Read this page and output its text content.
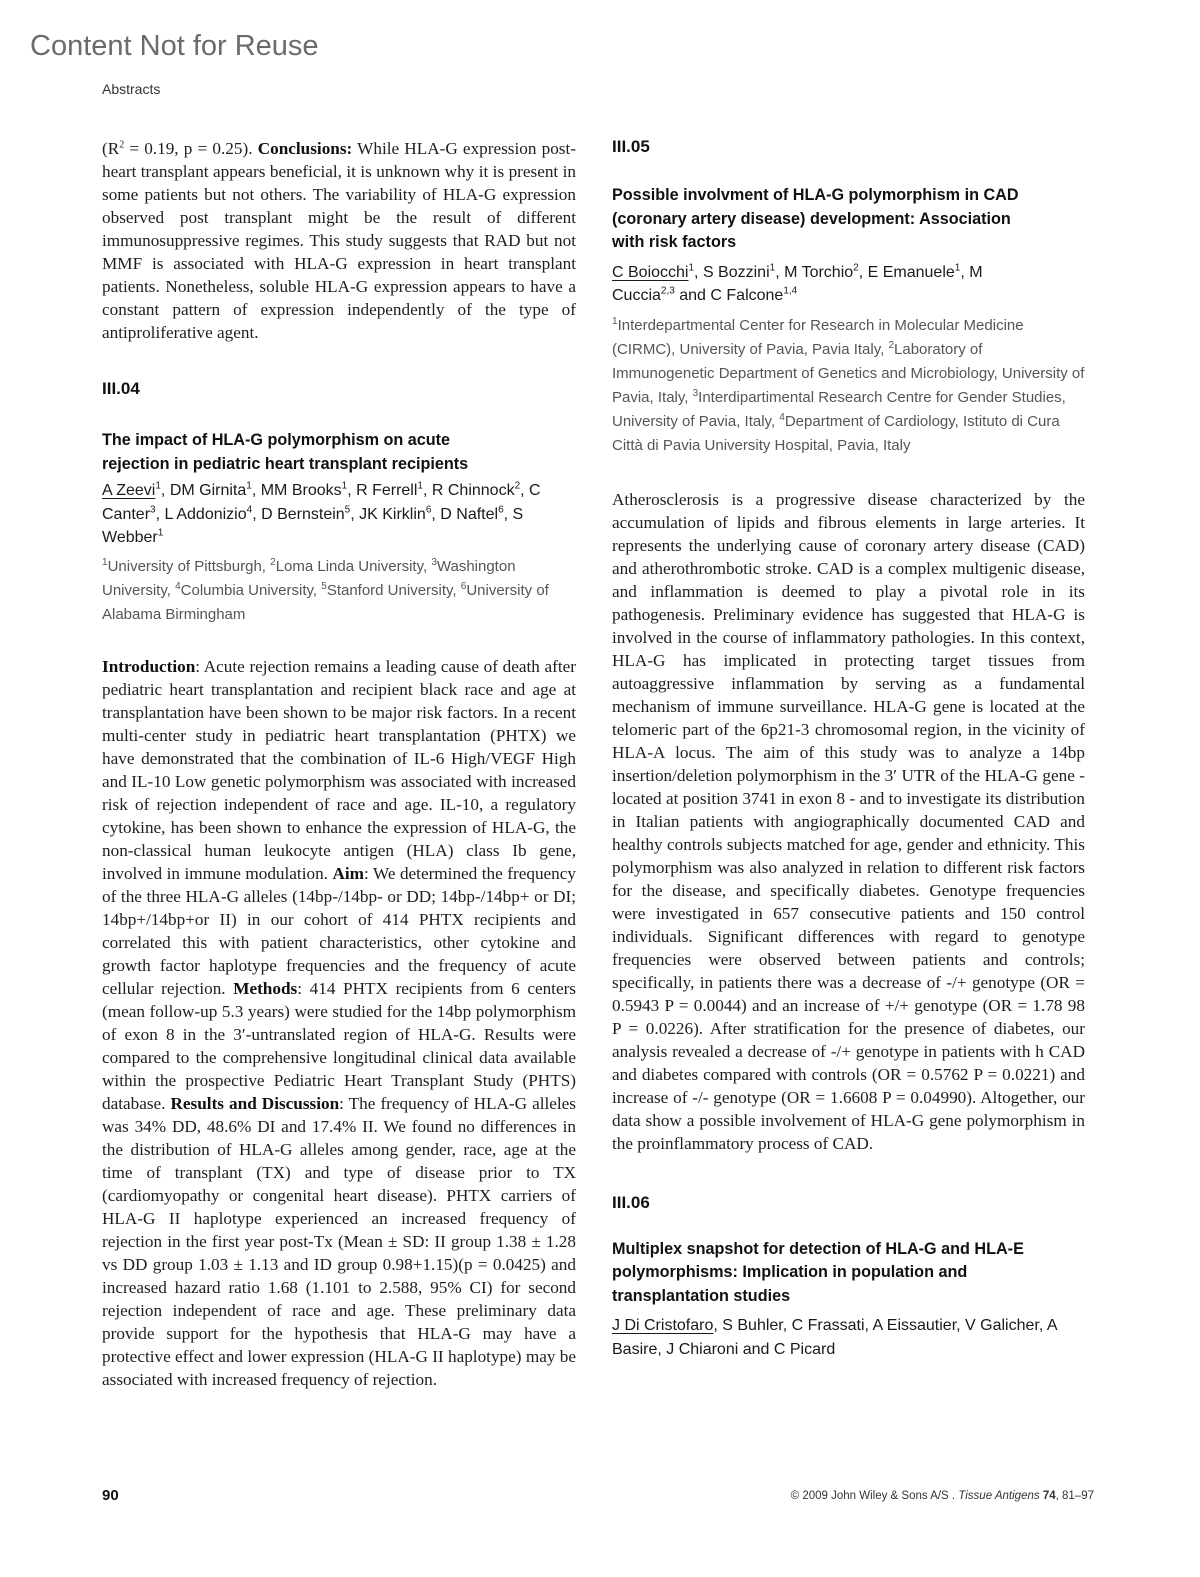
Content Not for Reuse
Abstracts

($R^2 = 0.19$, p = 0.25). Conclusions: While HLA-G expression post-heart transplant appears beneficial, it is unknown why it is present in some patients but not others. The variability of HLA-G expression observed post transplant might be the result of different immunosuppressive regimes. This study suggests that RAD but not MMF is associated with HLA-G expression in heart transplant patients. Nonetheless, soluble HLA-G expression appears to have a constant pattern of expression independently of the type of antiproliferative agent.

III.04

The impact of HLA-G polymorphism on acute rejection in pediatric heart transplant recipients

A Zeevi$^1$, DM Girnita$^1$, MM Brooks$^1$, R Ferrell$^1$, R Chinnock$^2$, C Canter$^3$, L Addonizio$^4$, D Bernstein$^5$, JK Kirklin$^6$, D Naftel$^6$, S Webber$^1$

$^1$University of Pittsburgh, $^2$Loma Linda University, $^3$Washington University, $^4$Columbia University, $^5$Stanford University, $^6$University of Alabama Birmingham

Introduction: Acute rejection remains a leading cause of death after pediatric heart transplantation and recipient black race and age at transplantation have been shown to be major risk factors. In a recent multi-center study in pediatric heart transplantation (PHTX) we have demonstrated that the combination of IL-6 High/VEGF High and IL-10 Low genetic polymorphism was associated with increased risk of rejection independent of race and age. IL-10, a regulatory cytokine, has been shown to enhance the expression of HLA-G, the non-classical human leukocyte antigen (HLA) class Ib gene, involved in immune modulation. Aim: We determined the frequency of the three HLA-G alleles (14bp-/14bp- or DD; 14bp-/14bp+ or DI; 14bp+/14bp+or II) in our cohort of 414 PHTX recipients and correlated this with patient characteristics, other cytokine and growth factor haplotype frequencies and the frequency of acute cellular rejection. Methods: 414 PHTX recipients from 6 centers (mean follow-up 5.3 years) were studied for the 14bp polymorphism of exon 8 in the 3′-untranslated region of HLA-G. Results were compared to the comprehensive longitudinal clinical data available within the prospective Pediatric Heart Transplant Study (PHTS) database. Results and Discussion: The frequency of HLA-G alleles was 34% DD, 48.6% DI and 17.4% II. We found no differences in the distribution of HLA-G alleles among gender, race, age at the time of transplant (TX) and type of disease prior to TX (cardiomyopathy or congenital heart disease). PHTX carriers of HLA-G II haplotype experienced an increased frequency of rejection in the first year post-Tx (Mean ± SD: II group 1.38 ± 1.28 vs DD group 1.03 ± 1.13 and ID group 0.98+1.15)(p = 0.0425) and increased hazard ratio 1.68 (1.101 to 2.588, 95% CI) for second rejection independent of race and age. These preliminary data provide support for the hypothesis that HLA-G may have a protective effect and lower expression (HLA-G II haplotype) may be associated with increased frequency of rejection.

III.05

Possible involvment of HLA-G polymorphism in CAD (coronary artery disease) development: Association with risk factors

C Boiocchi$^1$, S Bozzini$^1$, M Torchio$^2$, E Emanuele$^1$, M Cuccia$^{2,3}$ and C Falcone$^{1,4}$

$^1$Interdepartmental Center for Research in Molecular Medicine (CIRMC), University of Pavia, Pavia Italy, $^2$Laboratory of Immunogenetic Department of Genetics and Microbiology, University of Pavia, Italy, $^3$Interdipartimental Research Centre for Gender Studies, University of Pavia, Italy, $^4$Department of Cardiology, Istituto di Cura Città di Pavia University Hospital, Pavia, Italy

Atherosclerosis is a progressive disease characterized by the accumulation of lipids and fibrous elements in large arteries. It represents the underlying cause of coronary artery disease (CAD) and atherothrombotic stroke. CAD is a complex multigenic disease, and inflammation is deemed to play a pivotal role in its pathogenesis. Preliminary evidence has suggested that HLA-G is involved in the course of inflammatory pathologies. In this context, HLA-G has implicated in protecting target tissues from autoaggressive inflammation by serving as a fundamental mechanism of immune surveillance. HLA-G gene is located at the telomeric part of the 6p21-3 chromosomal region, in the vicinity of HLA-A locus. The aim of this study was to analyze a 14bp insertion/deletion polymorphism in the 3′ UTR of the HLA-G gene - located at position 3741 in exon 8 - and to investigate its distribution in Italian patients with angiographically documented CAD and healthy controls subjects matched for age, gender and ethnicity. This polymorphism was also analyzed in relation to different risk factors for the disease, and specifically diabetes. Genotype frequencies were investigated in 657 consecutive patients and 150 control individuals. Significant differences with regard to genotype frequencies were observed between patients and controls; specifically, in patients there was a decrease of -/+ genotype (OR = 0.5943 P = 0.0044) and an increase of +/+ genotype (OR = 1.78 98 P = 0.0226). After stratification for the presence of diabetes, our analysis revealed a decrease of -/+ genotype in patients with h CAD and diabetes compared with controls (OR = 0.5762 P = 0.0221) and increase of -/- genotype (OR = 1.6608 P = 0.04990). Altogether, our data show a possible involvement of HLA-G gene polymorphism in the proinflammatory process of CAD.

III.06

Multiplex snapshot for detection of HLA-G and HLA-E polymorphisms: Implication in population and transplantation studies

J Di Cristofaro, S Buhler, C Frassati, A Eissautier, V Galicher, A Basire, J Chiaroni and C Picard

90	© 2009 John Wiley & Sons A/S . Tissue Antigens 74, 81–97
